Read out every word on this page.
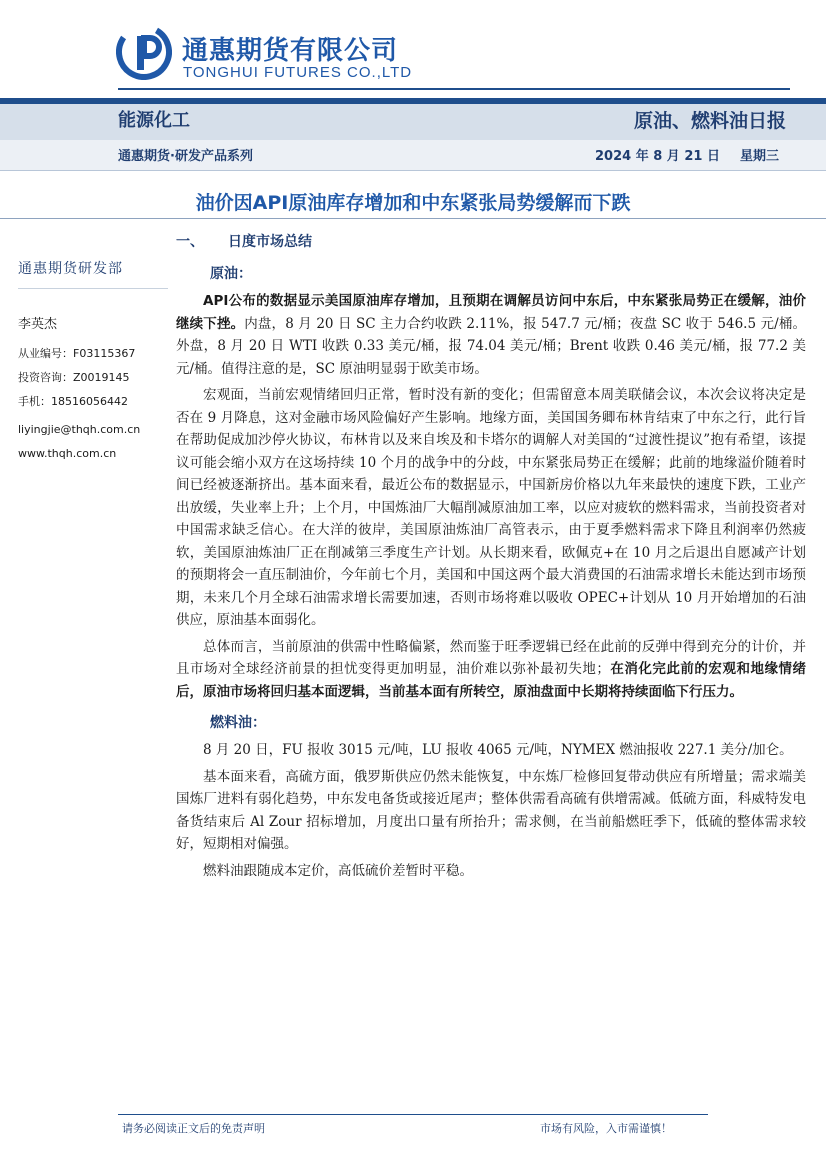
通惠期货有限公司
TONGHUI FUTURES CO.,LTD
能源化工	原油、燃料油日报
通惠期货·研发产品系列	2024 年 8 月 21 日 星期三
油价因API原油库存增加和中东紧张局势缓解而下跌
通惠期货研发部
李英杰
从业编号：F03115367
投资咨询：Z0019145
手机：18516056442
liyingjie@thqh.com.cn
www.thqh.com.cn
一、 日度市场总结
原油：

API公布的数据显示美国原油库存增加，且预期在调解员访问中东后，中东紧张局势正在缓解，油价继续下挫。内盘，8 月 20 日 SC 主力合约收跌 2.11%，报 547.7 元/桶；夜盘 SC 收于 546.5 元/桶。外盘，8 月 20 日 WTI 收跌 0.33 美元/桶，报 74.04 美元/桶；Brent 收跌 0.46 美元/桶，报 77.2 美元/桶。值得注意的是，SC 原油明显弱于欧美市场。

宏观面，当前宏观情绪回归正常，暂时没有新的变化；但需留意本周美联储会议，本次会议将决定是否在 9 月降息，这对金融市场风险偏好产生影响。地缘方面，美国国务卿布林肯结束了中东之行，此行旨在帮助促成加沙停火协议，布林肯以及来自埃及和卡塔尔的调解人对美国的“过渡性提议”抱有希望，该提议可能会缩小双方在这场持续 10 个月的战争中的分歧，中东紧张局势正在缓解；此前的地缘溢价随着时间已经被逐渐挤出。基本面来看，最近公布的数据显示，中国新房价格以九年来最快的速度下跌，工业产出放缓，失业率上升；上个月，中国炼油厂大幅削减原油加工率，以应对疲软的燃料需求，当前投资者对中国需求缺乏信心。在大洋的彼岸，美国原油炼油厂高管表示，由于夏季燃料需求下降且利润率仍然疲软，美国原油炼油厂正在削减第三季度生产计划。从长期来看，欧佩克+在 10 月之后退出自愿减产计划的预期将会一直压制油价，今年前七个月，美国和中国这两个最大消费国的石油需求增长未能达到市场预期，未来几个月全球石油需求增长需要加速，否则市场将难以吸收 OPEC+计划从 10 月开始增加的石油供应，原油基本面弱化。

总体而言，当前原油的供需中性略偏紧，然而鉴于旺季逻辑已经在此前的反弹中得到充分的计价，并且市场对全球经济前景的担忧变得更加明显，油价难以弥补最初失地；在消化完此前的宏观和地缘情绪后，原油市场将回归基本面逻辑，当前基本面有所转空，原油盘面中长期将持续面临下行压力。

燃料油：

8 月 20 日，FU 报收 3015 元/吨，LU 报收 4065 元/吨，NYMEX 燃油报收 227.1 美分/加仑。

基本面来看，高硫方面，俄罗斯供应仍然未能恢复，中东炼厂检修回复带动供应有所增量；需求端美国炼厂进料有弱化趋势，中东发电备货或接近尾声；整体供需看高硫有供增需减。低硫方面，科威特发电备货结束后 Al Zour 招标增加，月度出口量有所抬升；需求侧，在当前船燃旺季下，低硫的整体需求较好，短期相对偏强。

燃料油跟随成本定价，高低硫价差暂时平稳。

请务必阅读正文后的免责声明	市场有风险，入市需谨慎！
